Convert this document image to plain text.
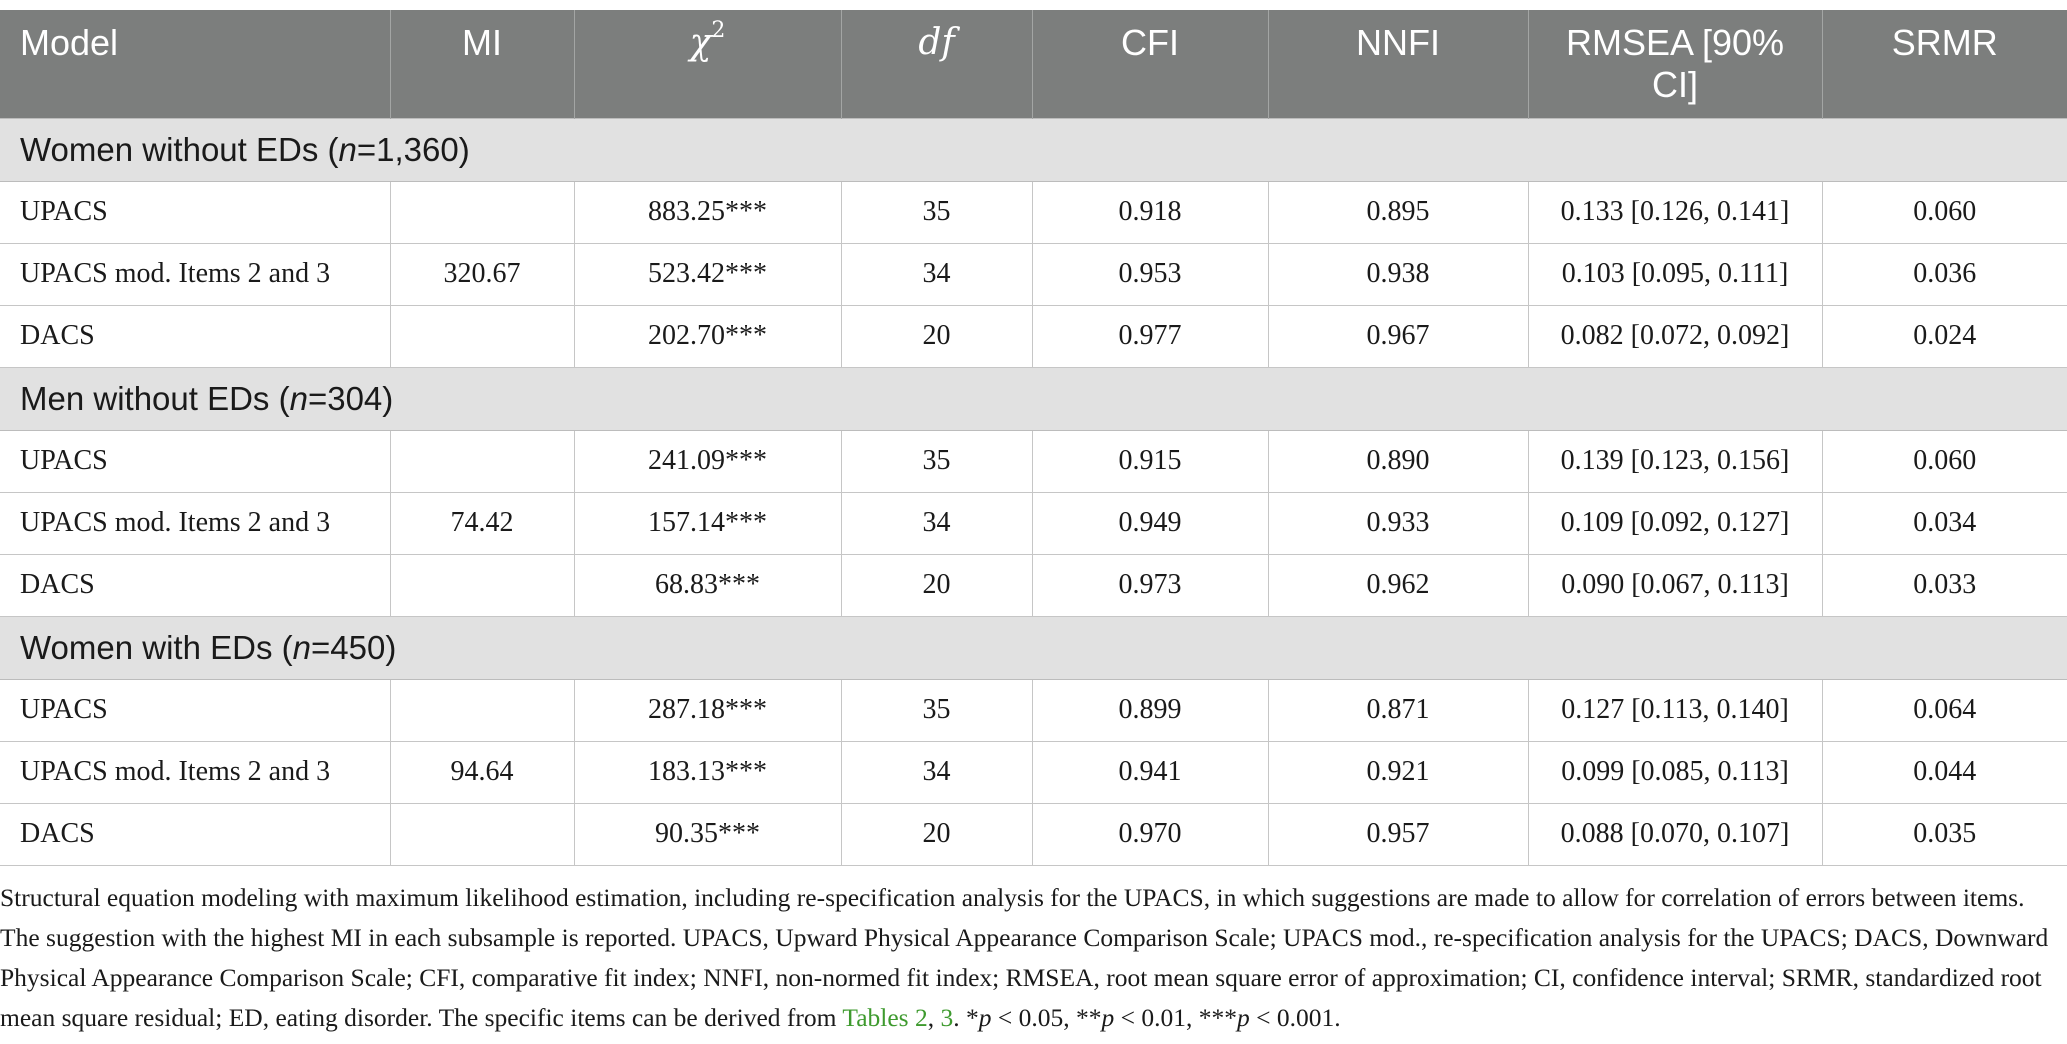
Model	MI	$\chi^2$	df	CFI	NNFI	RMSEA [90% CI]	SRMR
Women without EDs (n=1,360)							
UPACS		883.25***	35	0.918	0.895	0.133 [0.126, 0.141]	0.060
UPACS mod. Items 2 and 3	320.67	523.42***	34	0.953	0.938	0.103 [0.095, 0.111]	0.036
DACS		202.70***	20	0.977	0.967	0.082 [0.072, 0.092]	0.024
Men without EDs (n=304)							
UPACS		241.09***	35	0.915	0.890	0.139 [0.123, 0.156]	0.060
UPACS mod. Items 2 and 3	74.42	157.14***	34	0.949	0.933	0.109 [0.092, 0.127]	0.034
DACS		68.83***	20	0.973	0.962	0.090 [0.067, 0.113]	0.033
Women with EDs (n=450)							
UPACS		287.18***	35	0.899	0.871	0.127 [0.113, 0.140]	0.064
UPACS mod. Items 2 and 3	94.64	183.13***	34	0.941	0.921	0.099 [0.085, 0.113]	0.044
DACS		90.35***	20	0.970	0.957	0.088 [0.070, 0.107]	0.035

Structural equation modeling with maximum likelihood estimation, including re-specification analysis for the UPACS, in which suggestions are made to allow for correlation of errors between items. The suggestion with the highest MI in each subsample is reported. UPACS, Upward Physical Appearance Comparison Scale; UPACS mod., re-specification analysis for the UPACS; DACS, Downward Physical Appearance Comparison Scale; CFI, comparative fit index; NNFI, non-normed fit index; RMSEA, root mean square error of approximation; CI, confidence interval; SRMR, standardized root mean square residual; ED, eating disorder. The specific items can be derived from Tables 2, 3. *p < 0.05, **p < 0.01, ***p < 0.001.
